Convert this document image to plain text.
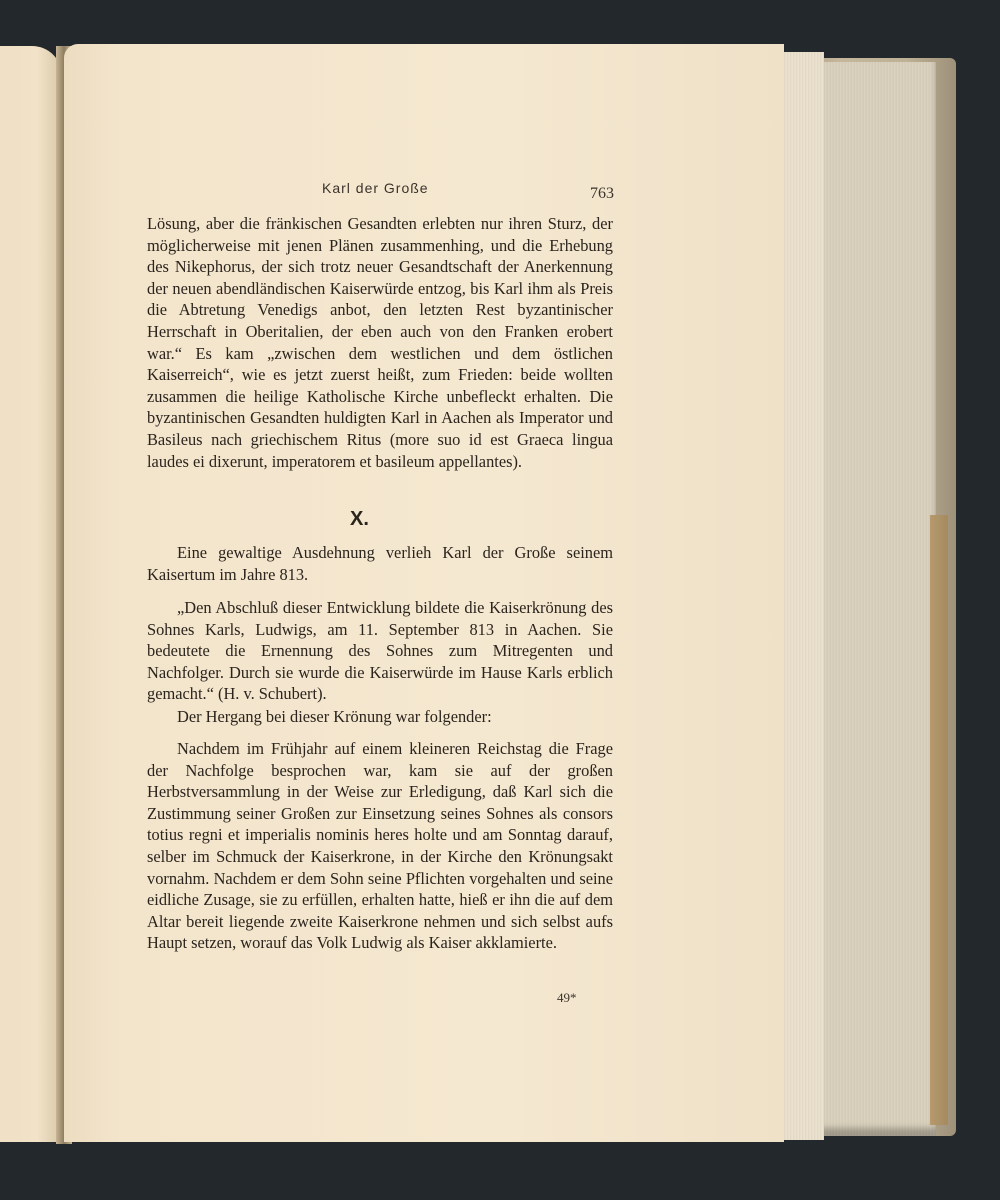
Karl der Große	763
Lösung, aber die fränkischen Gesandten erlebten nur ihren Sturz, der möglicherweise mit jenen Plänen zusammenhing, und die Erhebung des Nikephorus, der sich trotz neuer Gesandtschaft der Anerkennung der neuen abendländischen Kaiserwürde entzog, bis Karl ihm als Preis die Abtretung Venedigs anbot, den letzten Rest byzantinischer Herrschaft in Oberitalien, der eben auch von den Franken erobert war.“ Es kam „zwischen dem westlichen und dem östlichen Kaiserreich“, wie es jetzt zuerst heißt, zum Frieden: beide wollten zusammen die heilige Katholische Kirche unbefleckt erhalten. Die byzantinischen Gesandten huldigten Karl in Aachen als Imperator und Basileus nach griechischem Ritus (more suo id est Graeca lingua laudes ei dixerunt, imperatorem et basileum appellantes).
X.
Eine gewaltige Ausdehnung verlieh Karl der Große seinem Kaisertum im Jahre 813.
„Den Abschluß dieser Entwicklung bildete die Kaiserkrönung des Sohnes Karls, Ludwigs, am 11. September 813 in Aachen. Sie bedeutete die Ernennung des Sohnes zum Mitregenten und Nachfolger. Durch sie wurde die Kaiserwürde im Hause Karls erblich gemacht.“ (H. v. Schubert).
Der Hergang bei dieser Krönung war folgender:
Nachdem im Frühjahr auf einem kleineren Reichstag die Frage der Nachfolge besprochen war, kam sie auf der großen Herbstversammlung in der Weise zur Erledigung, daß Karl sich die Zustimmung seiner Großen zur Einsetzung seines Sohnes als consors totius regni et imperialis nominis heres holte und am Sonntag darauf, selber im Schmuck der Kaiserkrone, in der Kirche den Krönungsakt vornahm. Nachdem er dem Sohn seine Pflichten vorgehalten und seine eidliche Zusage, sie zu erfüllen, erhalten hatte, hieß er ihn die auf dem Altar bereit liegende zweite Kaiserkrone nehmen und sich selbst aufs Haupt setzen, worauf das Volk Ludwig als Kaiser akklamierte.
49*
